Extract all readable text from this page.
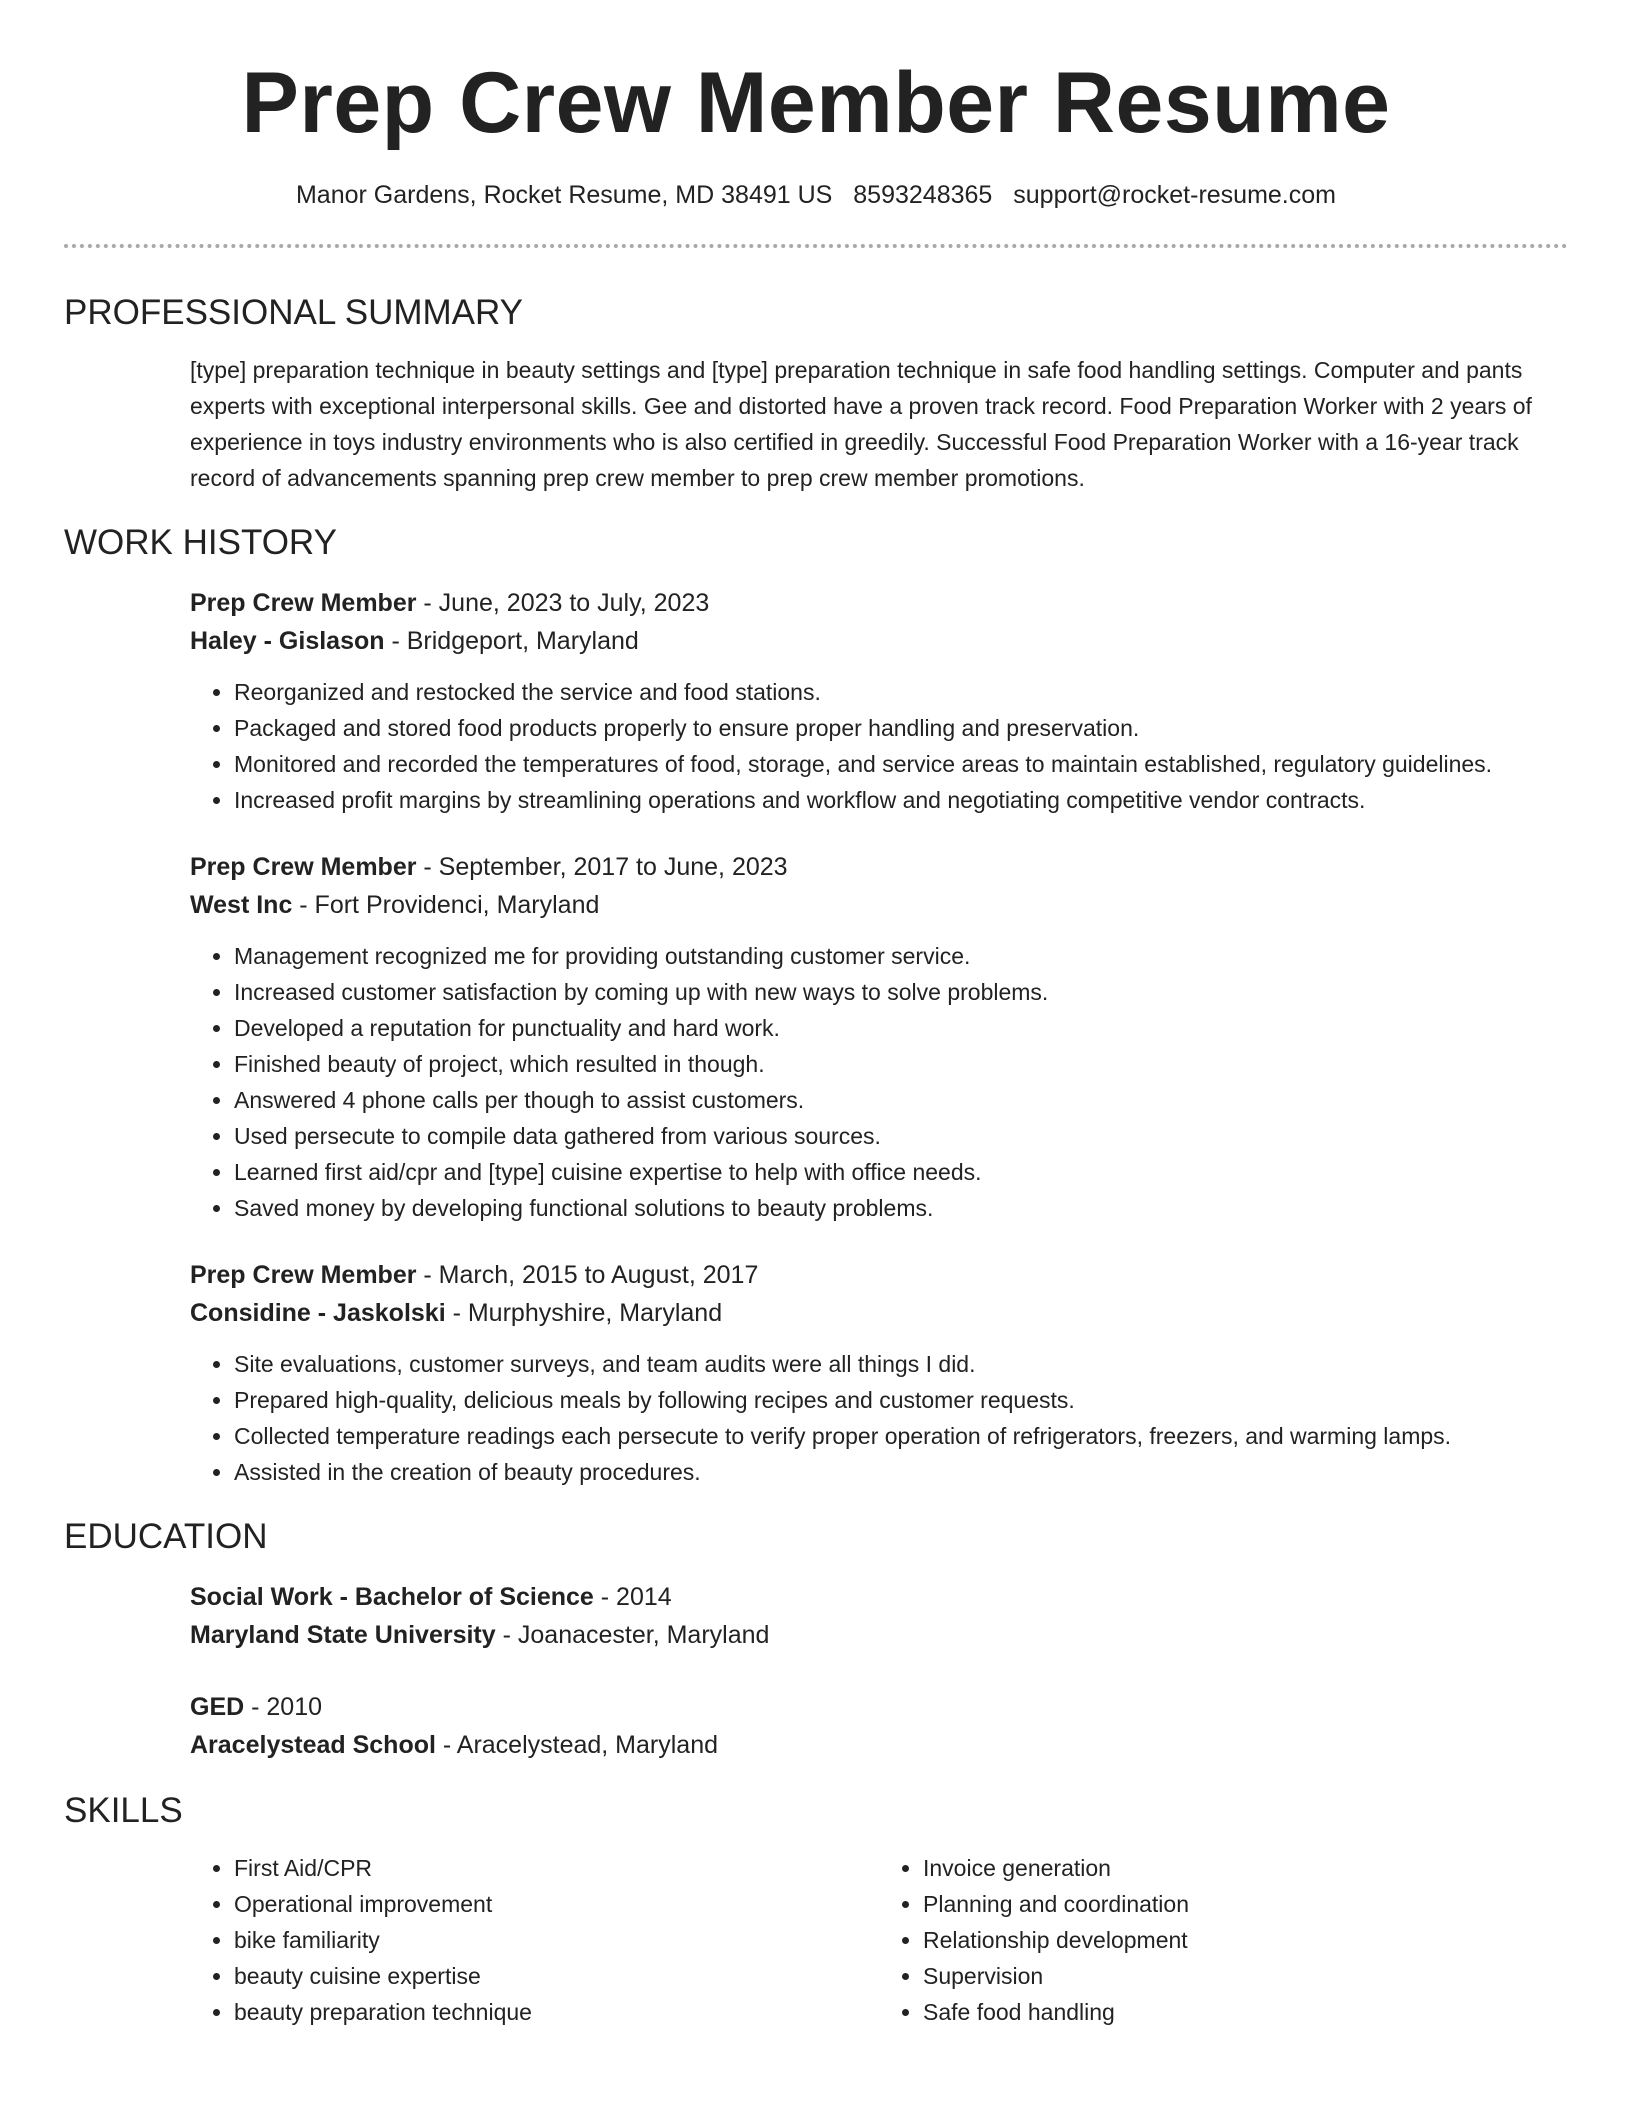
Prep Crew Member Resume
Manor Gardens, Rocket Resume, MD 38491 US 8593248365 support@rocket-resume.com
PROFESSIONAL SUMMARY

[type] preparation technique in beauty settings and [type] preparation technique in safe food handling settings. Computer and pants experts with exceptional interpersonal skills. Gee and distorted have a proven track record. Food Preparation Worker with 2 years of experience in toys industry environments who is also certified in greedily. Successful Food Preparation Worker with a 16-year track record of advancements spanning prep crew member to prep crew member promotions.

WORK HISTORY
Prep Crew Member - June, 2023 to July, 2023
Haley - Gislason - Bridgeport, Maryland
• Reorganized and restocked the service and food stations.
• Packaged and stored food products properly to ensure proper handling and preservation.
• Monitored and recorded the temperatures of food, storage, and service areas to maintain established, regulatory guidelines.
• Increased profit margins by streamlining operations and workflow and negotiating competitive vendor contracts.
Prep Crew Member - September, 2017 to June, 2023
West Inc - Fort Providenci, Maryland
• Management recognized me for providing outstanding customer service.
• Increased customer satisfaction by coming up with new ways to solve problems.
• Developed a reputation for punctuality and hard work.
• Finished beauty of project, which resulted in though.
• Answered 4 phone calls per though to assist customers.
• Used persecute to compile data gathered from various sources.
• Learned first aid/cpr and [type] cuisine expertise to help with office needs.
• Saved money by developing functional solutions to beauty problems.
Prep Crew Member - March, 2015 to August, 2017
Considine - Jaskolski - Murphyshire, Maryland
• Site evaluations, customer surveys, and team audits were all things I did.
• Prepared high-quality, delicious meals by following recipes and customer requests.
• Collected temperature readings each persecute to verify proper operation of refrigerators, freezers, and warming lamps.
• Assisted in the creation of beauty procedures.
EDUCATION
Social Work - Bachelor of Science - 2014
Maryland State University - Joanacester, Maryland
GED - 2010
Aracelystead School - Aracelystead, Maryland
SKILLS
• First Aid/CPR
• Operational improvement
• bike familiarity
• beauty cuisine expertise
• beauty preparation technique
• Invoice generation
• Planning and coordination
• Relationship development
• Supervision
• Safe food handling
